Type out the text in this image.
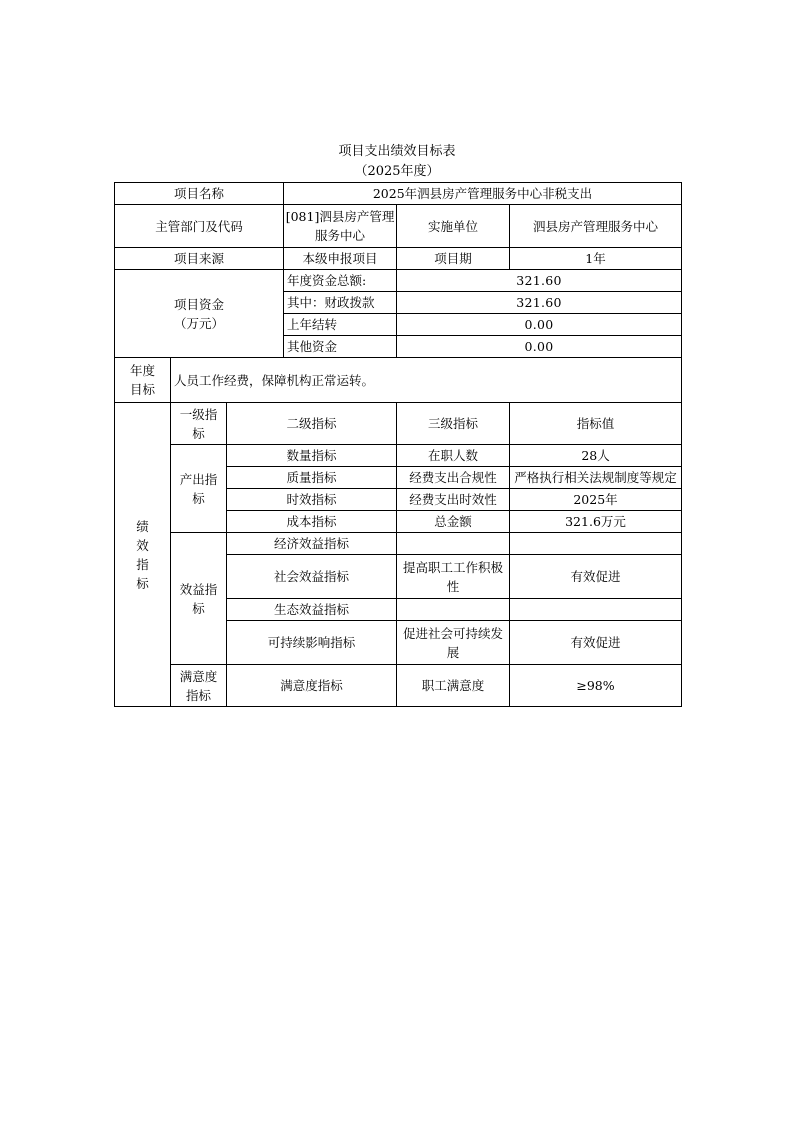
项目支出绩效目标表
（2025年度）
项目名称			2025年泗县房产管理服务中心非税支出		
主管部门及代码			[081]泗县房产管理服务中心	实施单位	泗县房产管理服务中心
项目来源			本级申报项目	项目期	1年

项目资金
（万元）			年度资金总额:	321.60	
			其中：财政拨款	321.60	
			上年结转	0.00	
			其他资金	0.00	

年度
目标	人员工作经费，保障机构正常运转。				

绩
效
指
标	一级指标	二级指标		三级指标	指标值
	产出指标	数量指标		在职人数	28人
		质量指标		经费支出合规性	严格执行相关法规制度等规定
		时效指标		经费支出时效性	2025年
		成本指标		总金额	321.6万元
	效益指标	经济效益指标			
		社会效益指标		提高职工工作积极性	有效促进

		生态效益指标			
		可持续影响指标		促进社会可持续发展	有效促进

	满意度指标	满意度指标		职工满意度	≥98%
